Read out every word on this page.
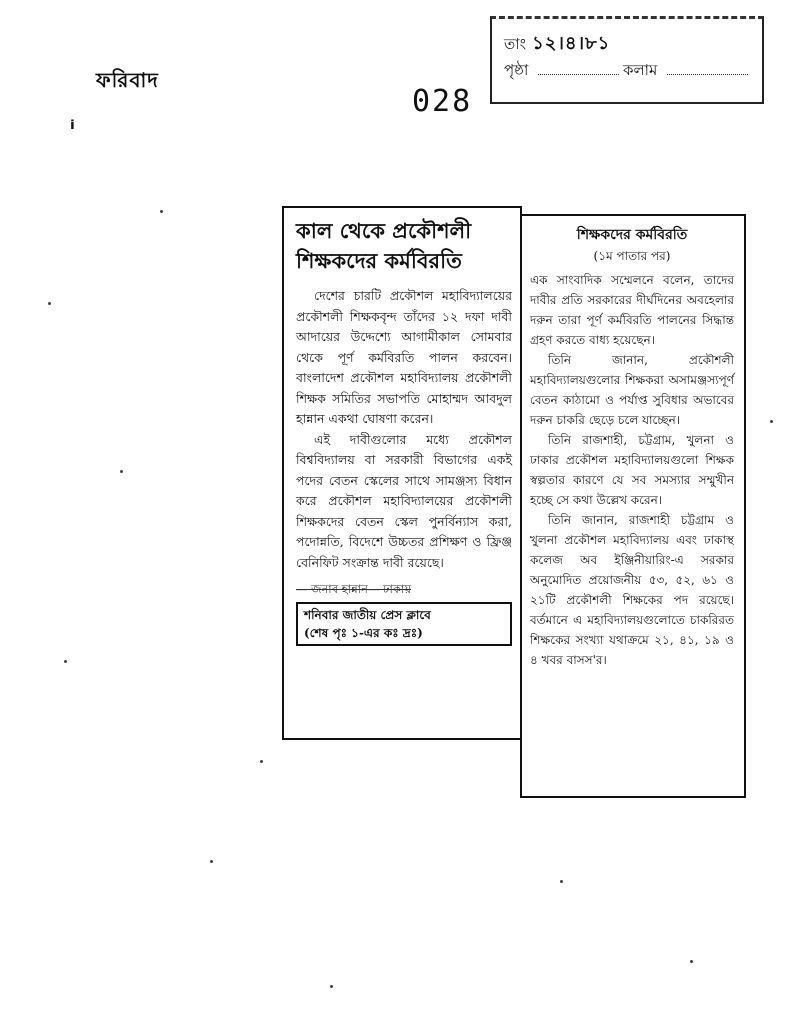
ফরিবাদ
ᵢ
028
তাং ১২।৪।৮১
পৃষ্ঠা	কলাম
কাল থেকে প্রকৌশলী
শিক্ষকদের কর্মবিরতি

দেশের চারটি প্রকৌশল মহাবিদ্যালয়ের প্রকৌশলী শিক্ষকবৃন্দ তাঁদের ১২ দফা দাবী আদায়ের উদ্দেশ্যে আগামীকাল সোমবার থেকে পূর্ণ কর্মবিরতি পালন করবেন। বাংলাদেশ প্রকৌশল মহাবিদ্যালয় প্রকৌশলী শিক্ষক সমিতির সভাপতি মোহাম্মদ আবদুল হান্নান একথা ঘোষণা করেন।

এই দাবীগুলোর মধ্যে প্রকৌশল বিশ্ববিদ্যালয় বা সরকারী বিভাগের একই পদের বেতন স্কেলের সাথে সামঞ্জস্য বিধান করে প্রকৌশল মহাবিদ্যালয়ের প্রকৌশলী শিক্ষকদের বেতন স্কেল পুনর্বিন্যাস করা, পদোন্নতি, বিদেশে উচ্চতর প্রশিক্ষণ ও ফ্রিঞ্জ বেনিফিট সংক্রান্ত দাবী রয়েছে।

— জনাব হান্নান— ঢাকায়
শনিবার জাতীয় প্রেস ক্লাবে
(শেষ পৃঃ ১-এর কঃ দ্রঃ)
শিক্ষকদের কর্মবিরতি
(১ম পাতার পর)

এক সাংবাদিক সম্মেলনে বলেন, তাদের দাবীর প্রতি সরকারের দীর্ঘদিনের অবহেলার দরুন তারা পূর্ণ কর্মবিরতি পালনের সিদ্ধান্ত গ্রহণ করতে বাধ্য হয়েছেন।

তিনি জানান, প্রকৌশলী মহাবিদ্যালয়গুলোর শিক্ষকরা অসামঞ্জস্যপূর্ণ বেতন কাঠামো ও পর্যাপ্ত সুবিধার অভাবের দরুন চাকরি ছেড়ে চলে যাচ্ছেন।

তিনি রাজশাহী, চট্টগ্রাম, খুলনা ও ঢাকার প্রকৌশল মহাবিদ্যালয়গুলো শিক্ষক স্বল্পতার কারণে যে সব সমস্যার সম্মুখীন হচ্ছে সে কথা উল্লেখ করেন।

তিনি জানান, রাজশাহী চট্টগ্রাম ও খুলনা প্রকৌশল মহাবিদ্যালয় এবং ঢাকাস্থ কলেজ অব ইঞ্জিনীয়ারিং-এ সরকার অনুমোদিত প্রয়োজনীয় ৫৩, ৫২, ৬১ ও ২১টি প্রকৌশলী শিক্ষকের পদ রয়েছে। বর্তমানে এ মহাবিদ্যালয়গুলোতে চাকরিরত শিক্ষকের সংখ্যা যথাক্রমে ২১, ৪১, ১৯ ও ৪ খবর বাসস'র।
